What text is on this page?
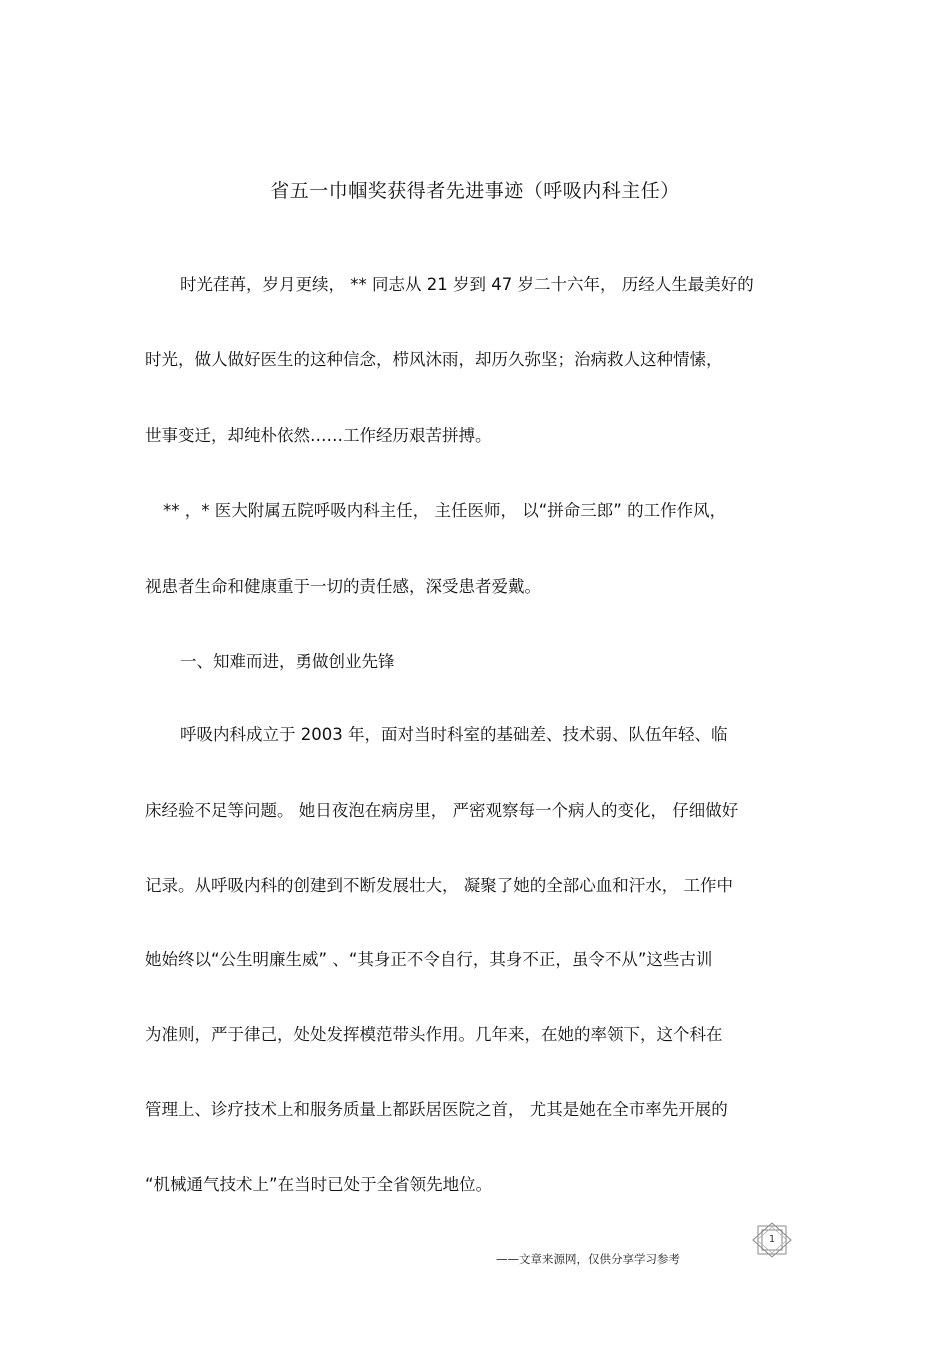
省五一巾帼奖获得者先进事迹（呼吸内科主任）
时光荏苒，岁月更续， ** 同志从 21 岁到 47 岁二十六年， 历经人生最美好的
时光，做人做好医生的这种信念，栉风沐雨，却历久弥坚；治病救人这种情愫，
世事变迁，却纯朴依然……工作经历艰苦拼搏。
** ，* 医大附属五院呼吸内科主任， 主任医师， 以“拼命三郎” 的工作作风，
视患者生命和健康重于一切的责任感，深受患者爱戴。
一、知难而进，勇做创业先锋
呼吸内科成立于 2003 年，面对当时科室的基础差、技术弱、队伍年轻、临
床经验不足等问题。 她日夜泡在病房里， 严密观察每一个病人的变化， 仔细做好
记录。从呼吸内科的创建到不断发展壮大， 凝聚了她的全部心血和汗水， 工作中
她始终以“公生明廉生威” 、“其身正不令自行，其身不正，虽令不从”这些古训
为准则，严于律己，处处发挥模范带头作用。几年来，在她的率领下，这个科在
管理上、诊疗技术上和服务质量上都跃居医院之首， 尤其是她在全市率先开展的
“机械通气技术上”在当时已处于全省领先地位。
——文章来源网，仅供分享学习参考
1
